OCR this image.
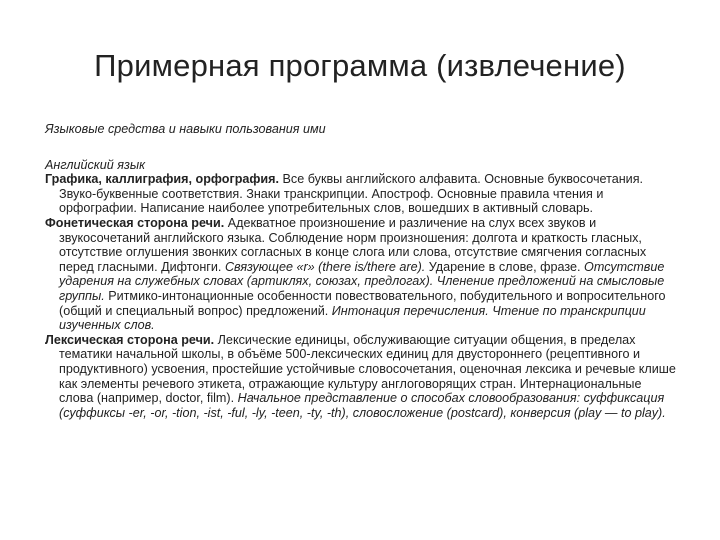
Примерная программа (извлечение)

Языковые средства и навыки пользования ими

Английский язык

Графика, каллиграфия, орфография. Все буквы английского алфавита. Основные буквосочетания. Звуко-буквенные соответствия. Знаки транскрипции. Апостроф. Основные правила чтения и орфографии. Написание наиболее употребительных слов, вошедших в активный словарь.

Фонетическая сторона речи. Адекватное произношение и различение на слух всех звуков и звукосочетаний английского языка. Соблюдение норм произношения: долгота и краткость гласных, отсутствие оглушения звонких согласных в конце слога или слова, отсутствие смягчения согласных перед гласными. Дифтонги. Связующее «r» (there is/there are). Ударение в слове, фразе. Отсутствие ударения на служебных словах (артиклях, союзах, предлогах). Членение предложений на смысловые группы. Ритмико-интонационные особенности повествовательного, побудительного и вопросительного (общий и специальный вопрос) предложений. Интонация перечисления. Чтение по транскрипции изученных слов.

Лексическая сторона речи. Лексические единицы, обслуживающие ситуации общения, в пределах тематики начальной школы, в объёме 500-лексических единиц для двустороннего (рецептивного и продуктивного) усвоения, простейшие устойчивые словосочетания, оценочная лексика и речевые клише как элементы речевого этикета, отражающие культуру англоговорящих стран. Интернациональные слова (например, doctor, film). Начальное представление о способах словообразования: суффиксация (суффиксы -er, -or, -tion, -ist, -ful, -ly, -teen, -ty, -th), словосложение (postcard), конверсия (play — to play).
